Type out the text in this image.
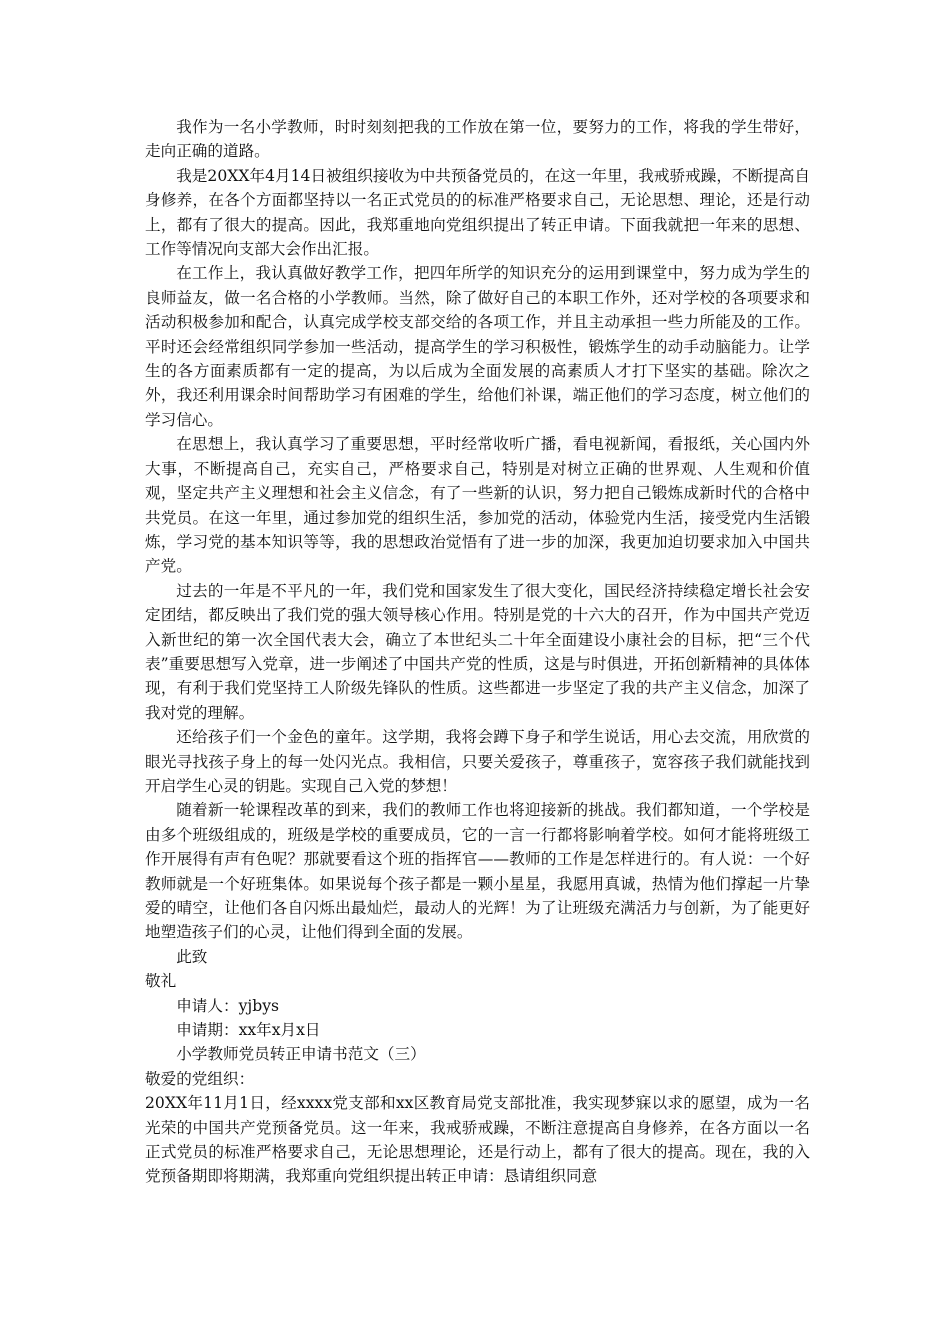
我作为一名小学教师，时时刻刻把我的工作放在第一位，要努力的工作，将我的学生带好，走向正确的道路。

我是20XX年4月14日被组织接收为中共预备党员的，在这一年里，我戒骄戒躁，不断提高自身修养，在各个方面都坚持以一名正式党员的的标准严格要求自己，无论思想、理论，还是行动上，都有了很大的提高。因此，我郑重地向党组织提出了转正申请。下面我就把一年来的思想、工作等情况向支部大会作出汇报。

在工作上，我认真做好教学工作，把四年所学的知识充分的运用到课堂中，努力成为学生的良师益友，做一名合格的小学教师。当然，除了做好自己的本职工作外，还对学校的各项要求和活动积极参加和配合，认真完成学校支部交给的各项工作，并且主动承担一些力所能及的工作。平时还会经常组织同学参加一些活动，提高学生的学习积极性，锻炼学生的动手动脑能力。让学生的各方面素质都有一定的提高，为以后成为全面发展的高素质人才打下坚实的基础。除次之外，我还利用课余时间帮助学习有困难的学生，给他们补课，端正他们的学习态度，树立他们的学习信心。

在思想上，我认真学习了重要思想，平时经常收听广播，看电视新闻，看报纸，关心国内外大事，不断提高自己，充实自己，严格要求自己，特别是对树立正确的世界观、人生观和价值观，坚定共产主义理想和社会主义信念，有了一些新的认识，努力把自己锻炼成新时代的合格中共党员。在这一年里，通过参加党的组织生活，参加党的活动，体验党内生活，接受党内生活锻炼，学习党的基本知识等等，我的思想政治觉悟有了进一步的加深，我更加迫切要求加入中国共产党。

过去的一年是不平凡的一年，我们党和国家发生了很大变化，国民经济持续稳定增长社会安定团结，都反映出了我们党的强大领导核心作用。特别是党的十六大的召开，作为中国共产党迈入新世纪的第一次全国代表大会，确立了本世纪头二十年全面建设小康社会的目标，把“三个代表”重要思想写入党章，进一步阐述了中国共产党的性质，这是与时俱进，开拓创新精神的具体体现，有利于我们党坚持工人阶级先锋队的性质。这些都进一步坚定了我的共产主义信念，加深了我对党的理解。

还给孩子们一个金色的童年。这学期，我将会蹲下身子和学生说话，用心去交流，用欣赏的眼光寻找孩子身上的每一处闪光点。我相信，只要关爱孩子，尊重孩子，宽容孩子我们就能找到开启学生心灵的钥匙。实现自己入党的梦想！

随着新一轮课程改革的到来，我们的教师工作也将迎接新的挑战。我们都知道，一个学校是由多个班级组成的，班级是学校的重要成员，它的一言一行都将影响着学校。如何才能将班级工作开展得有声有色呢？那就要看这个班的指挥官——教师的工作是怎样进行的。有人说：一个好教师就是一个好班集体。如果说每个孩子都是一颗小星星，我愿用真诚，热情为他们撑起一片挚爱的晴空，让他们各自闪烁出最灿烂，最动人的光辉！为了让班级充满活力与创新，为了能更好地塑造孩子们的心灵，让他们得到全面的发展。

此致

敬礼

申请人：yjbys

申请期：xx年x月x日

小学教师党员转正申请书范文（三）

敬爱的党组织：

20XX年11月1日，经xxxx党支部和xx区教育局党支部批准，我实现梦寐以求的愿望，成为一名光荣的中国共产党预备党员。这一年来，我戒骄戒躁，不断注意提高自身修养，在各方面以一名正式党员的标准严格要求自己，无论思想理论，还是行动上，都有了很大的提高。现在，我的入党预备期即将期满，我郑重向党组织提出转正申请：恳请组织同意
